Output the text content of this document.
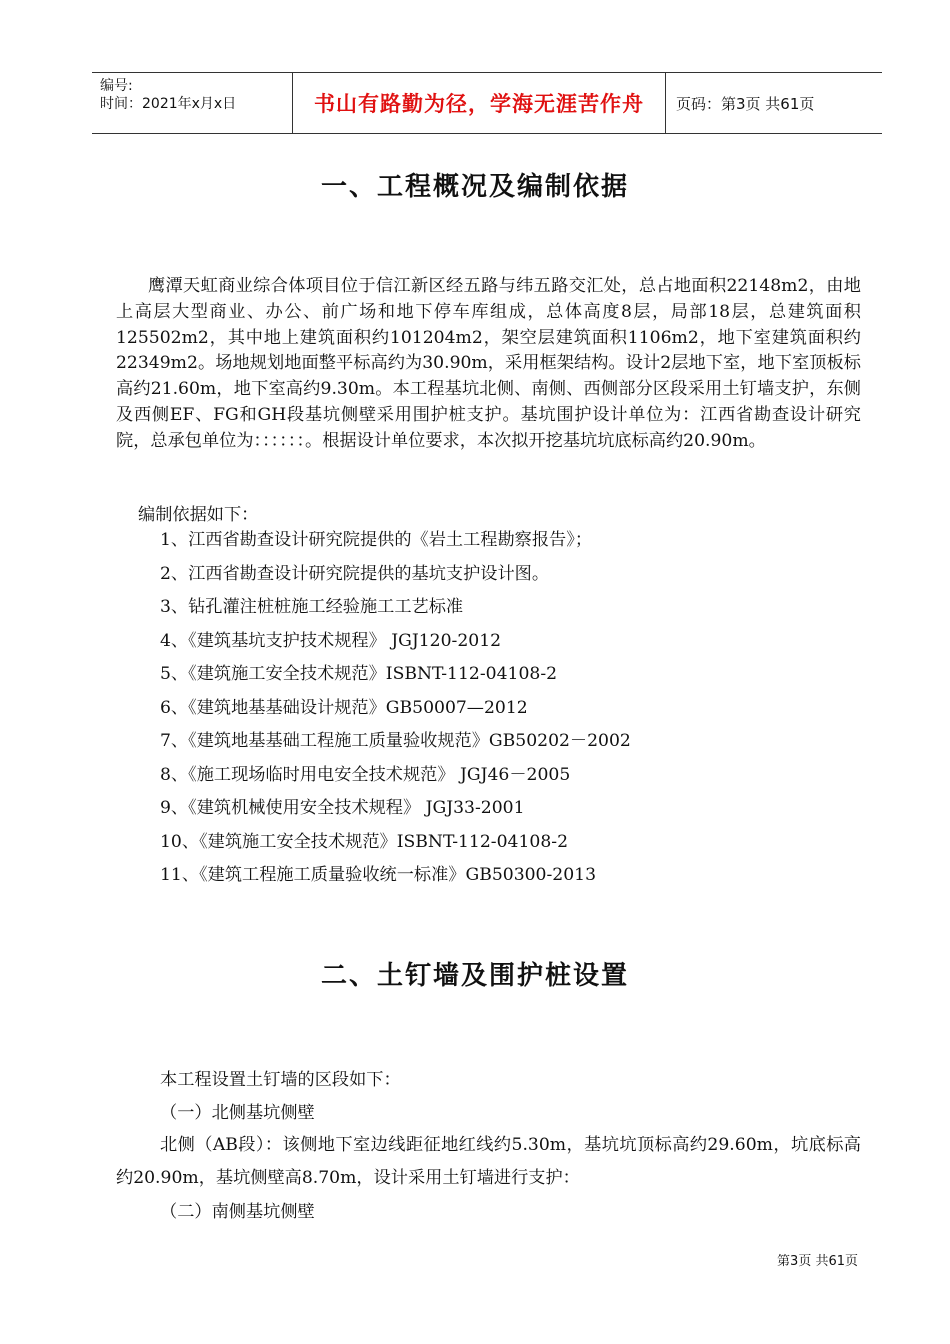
编号:
时间：2021年x月x日	书山有路勤为径，学海无涯苦作舟	页码：第3页 共61页
一、工程概况及编制依据

鹰潭天虹商业综合体项目位于信江新区经五路与纬五路交汇处，总占地面积22148m2，由地上高层大型商业、办公、前广场和地下停车库组成，总体高度8层，局部18层，总建筑面积125502m2，其中地上建筑面积约101204m2，架空层建筑面积1106m2，地下室建筑面积约22349m2。场地规划地面整平标高约为30.90m，采用框架结构。设计2层地下室，地下室顶板标高约21.60m，地下室高约9.30m。本工程基坑北侧、南侧、西侧部分区段采用土钉墙支护，东侧及西侧EF、FG和GH段基坑侧壁采用围护桩支护。基坑围护设计单位为：江西省勘查设计研究院，总承包单位为：：：：：：。根据设计单位要求，本次拟开挖基坑坑底标高约20.90m。

编制依据如下：

1、江西省勘查设计研究院提供的《岩土工程勘察报告》；

2、江西省勘查设计研究院提供的基坑支护设计图。

3、钻孔灌注桩桩施工经验施工工艺标准

4、《建筑基坑支护技术规程》 JGJ120-2012

5、《建筑施工安全技术规范》ISBNT-112-04108-2

6、《建筑地基基础设计规范》GB50007—2012

7、《建筑地基基础工程施工质量验收规范》GB50202－2002

8、《施工现场临时用电安全技术规范》 JGJ46－2005

9、《建筑机械使用安全技术规程》 JGJ33-2001

10、《建筑施工安全技术规范》ISBNT-112-04108-2

11、《建筑工程施工质量验收统一标准》GB50300-2013

二、土钉墙及围护桩设置

本工程设置土钉墙的区段如下：

（一）北侧基坑侧壁

北侧（AB段）：该侧地下室边线距征地红线约5.30m，基坑坑顶标高约29.60m，坑底标高约20.90m，基坑侧壁高8.70m，设计采用土钉墙进行支护：

（二）南侧基坑侧壁

第3页 共61页
